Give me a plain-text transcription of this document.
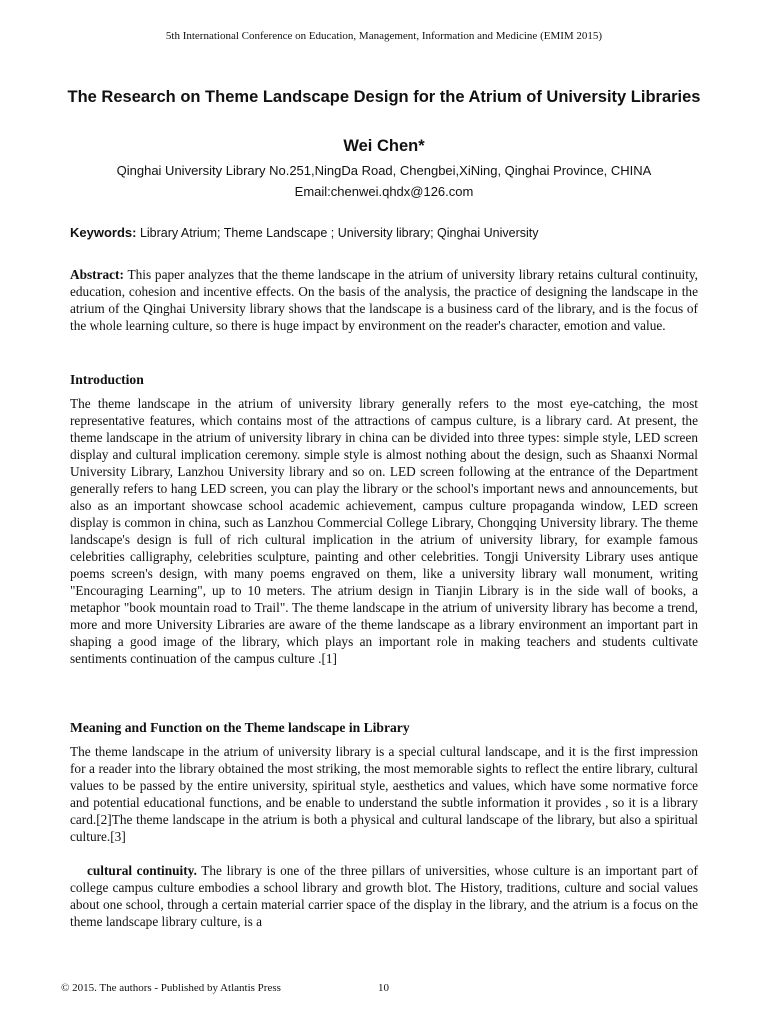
5th International Conference on Education, Management, Information and Medicine (EMIM 2015)
The Research on Theme Landscape Design for the Atrium of University Libraries
Wei Chen*
Qinghai University Library No.251,NingDa Road, Chengbei,XiNing, Qinghai Province, CHINA
Email:chenwei.qhdx@126.com
Keywords: Library Atrium; Theme Landscape ; University library; Qinghai University
Abstract: This paper analyzes that the theme landscape in the atrium of university library retains cultural continuity, education, cohesion and incentive effects. On the basis of the analysis, the practice of designing the landscape in the atrium of the Qinghai University library shows that the landscape is a business card of the library, and is the focus of the whole learning culture, so there is huge impact by environment on the reader's character, emotion and value.
Introduction
The theme landscape in the atrium of university library generally refers to the most eye-catching, the most representative features, which contains most of the attractions of campus culture, is a library card. At present, the theme landscape in the atrium of university library in china can be divided into three types: simple style, LED screen display and cultural implication ceremony. simple style is almost nothing about the design, such as Shaanxi Normal University Library, Lanzhou University library and so on. LED screen following at the entrance of the Department generally refers to hang LED screen, you can play the library or the school's important news and announcements, but also as an important showcase school academic achievement, campus culture propaganda window, LED screen display is common in china, such as Lanzhou Commercial College Library, Chongqing University library. The theme landscape's design is full of rich cultural implication in the atrium of university library, for example famous celebrities calligraphy, celebrities sculpture, painting and other celebrities. Tongji University Library uses antique poems screen's design, with many poems engraved on them, like a university library wall monument, writing "Encouraging Learning", up to 10 meters. The atrium design in Tianjin Library is in the side wall of books, a metaphor "book mountain road to Trail". The theme landscape in the atrium of university library has become a trend, more and more University Libraries are aware of the theme landscape as a library environment an important part in shaping a good image of the library, which plays an important role in making teachers and students cultivate sentiments continuation of the campus culture .[1]
Meaning and Function on the Theme landscape in Library
The theme landscape in the atrium of university library is a special cultural landscape, and it is the first impression for a reader into the library obtained the most striking, the most memorable sights to reflect the entire library, cultural values to be passed by the entire university, spiritual style, aesthetics and values, which have some normative force and potential educational functions, and be enable to understand the subtle information it provides , so it is a library card.[2]The theme landscape in the atrium is both a physical and cultural landscape of the library, but also a spiritual culture.[3]
cultural continuity. The library is one of the three pillars of universities, whose culture is an important part of college campus culture embodies a school library and growth blot. The History, traditions, culture and social values about one school, through a certain material carrier space of the display in the library, and the atrium is a focus on the theme landscape library culture, is a
© 2015. The authors - Published by Atlantis Press	10
